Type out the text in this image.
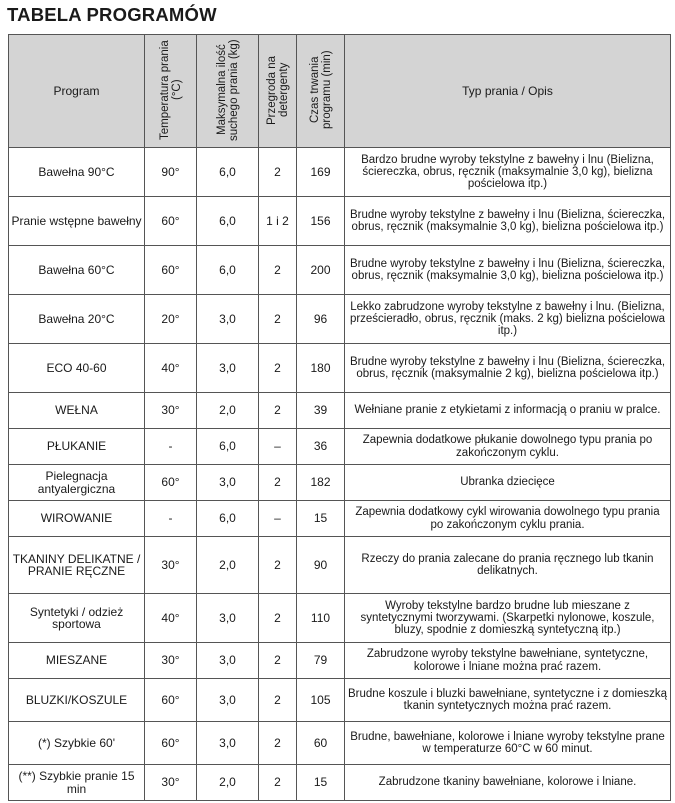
TABELA PROGRAMÓW
Program	Temperatura prania (°C)	Maksymalna ilość suchego prania (kg)	Przegroda na detergenty	Czas trwania programu (min)	Typ prania / Opis
Bawełna 90°C	90°	6,0	2	169	Bardzo brudne wyroby tekstylne z bawełny i lnu (Bielizna, ściereczka, obrus, ręcznik (maksymalnie 3,0 kg), bielizna pościelowa itp.)
Pranie wstępne bawełny	60°	6,0	1 i 2	156	Brudne wyroby tekstylne z bawełny i lnu (Bielizna, ściereczka, obrus, ręcznik (maksymalnie 3,0 kg), bielizna pościelowa itp.)
Bawełna 60°C	60°	6,0	2	200	Brudne wyroby tekstylne z bawełny i lnu (Bielizna, ściereczka, obrus, ręcznik (maksymalnie 3,0 kg), bielizna pościelowa itp.)
Bawełna 20°C	20°	3,0	2	96	Lekko zabrudzone wyroby tekstylne z bawełny i lnu. (Bielizna, prześcieradło, obrus, ręcznik (maks. 2 kg) bielizna pościelowa itp.)
ECO 40-60	40°	3,0	2	180	Brudne wyroby tekstylne z bawełny i lnu (Bielizna, ściereczka, obrus, ręcznik (maksymalnie 2 kg), bielizna pościelowa itp.)
WEŁNA	30°	2,0	2	39	Wełniane pranie z etykietami z informacją o praniu w pralce.
PŁUKANIE	-	6,0	–	36	Zapewnia dodatkowe płukanie dowolnego typu prania po zakończonym cyklu.
Pielegnacja antyalergiczna	60°	3,0	2	182	Ubranka dziecięce
WIROWANIE	-	6,0	–	15	Zapewnia dodatkowy cykl wirowania dowolnego typu prania po zakończonym cyklu prania.
TKANINY DELIKATNE / PRANIE RĘCZNE	30°	2,0	2	90	Rzeczy do prania zalecane do prania ręcznego lub tkanin delikatnych.
Syntetyki / odzież sportowa	40°	3,0	2	110	Wyroby tekstylne bardzo brudne lub mieszane z syntetycznymi tworzywami. (Skarpetki nylonowe, koszule, bluzy, spodnie z domieszką syntetyczną itp.)
MIESZANE	30°	3,0	2	79	Zabrudzone wyroby tekstylne bawełniane, syntetyczne, kolorowe i lniane można prać razem.
BLUZKI/KOSZULE	60°	3,0	2	105	Brudne koszule i bluzki bawełniane, syntetyczne i z domieszką tkanin syntetycznych można prać razem.
(*) Szybkie 60'	60°	3,0	2	60	Brudne, bawełniane, kolorowe i lniane wyroby tekstylne prane w temperaturze 60°C w 60 minut.
(**) Szybkie pranie 15 min	30°	2,0	2	15	Zabrudzone tkaniny bawełniane, kolorowe i lniane.
